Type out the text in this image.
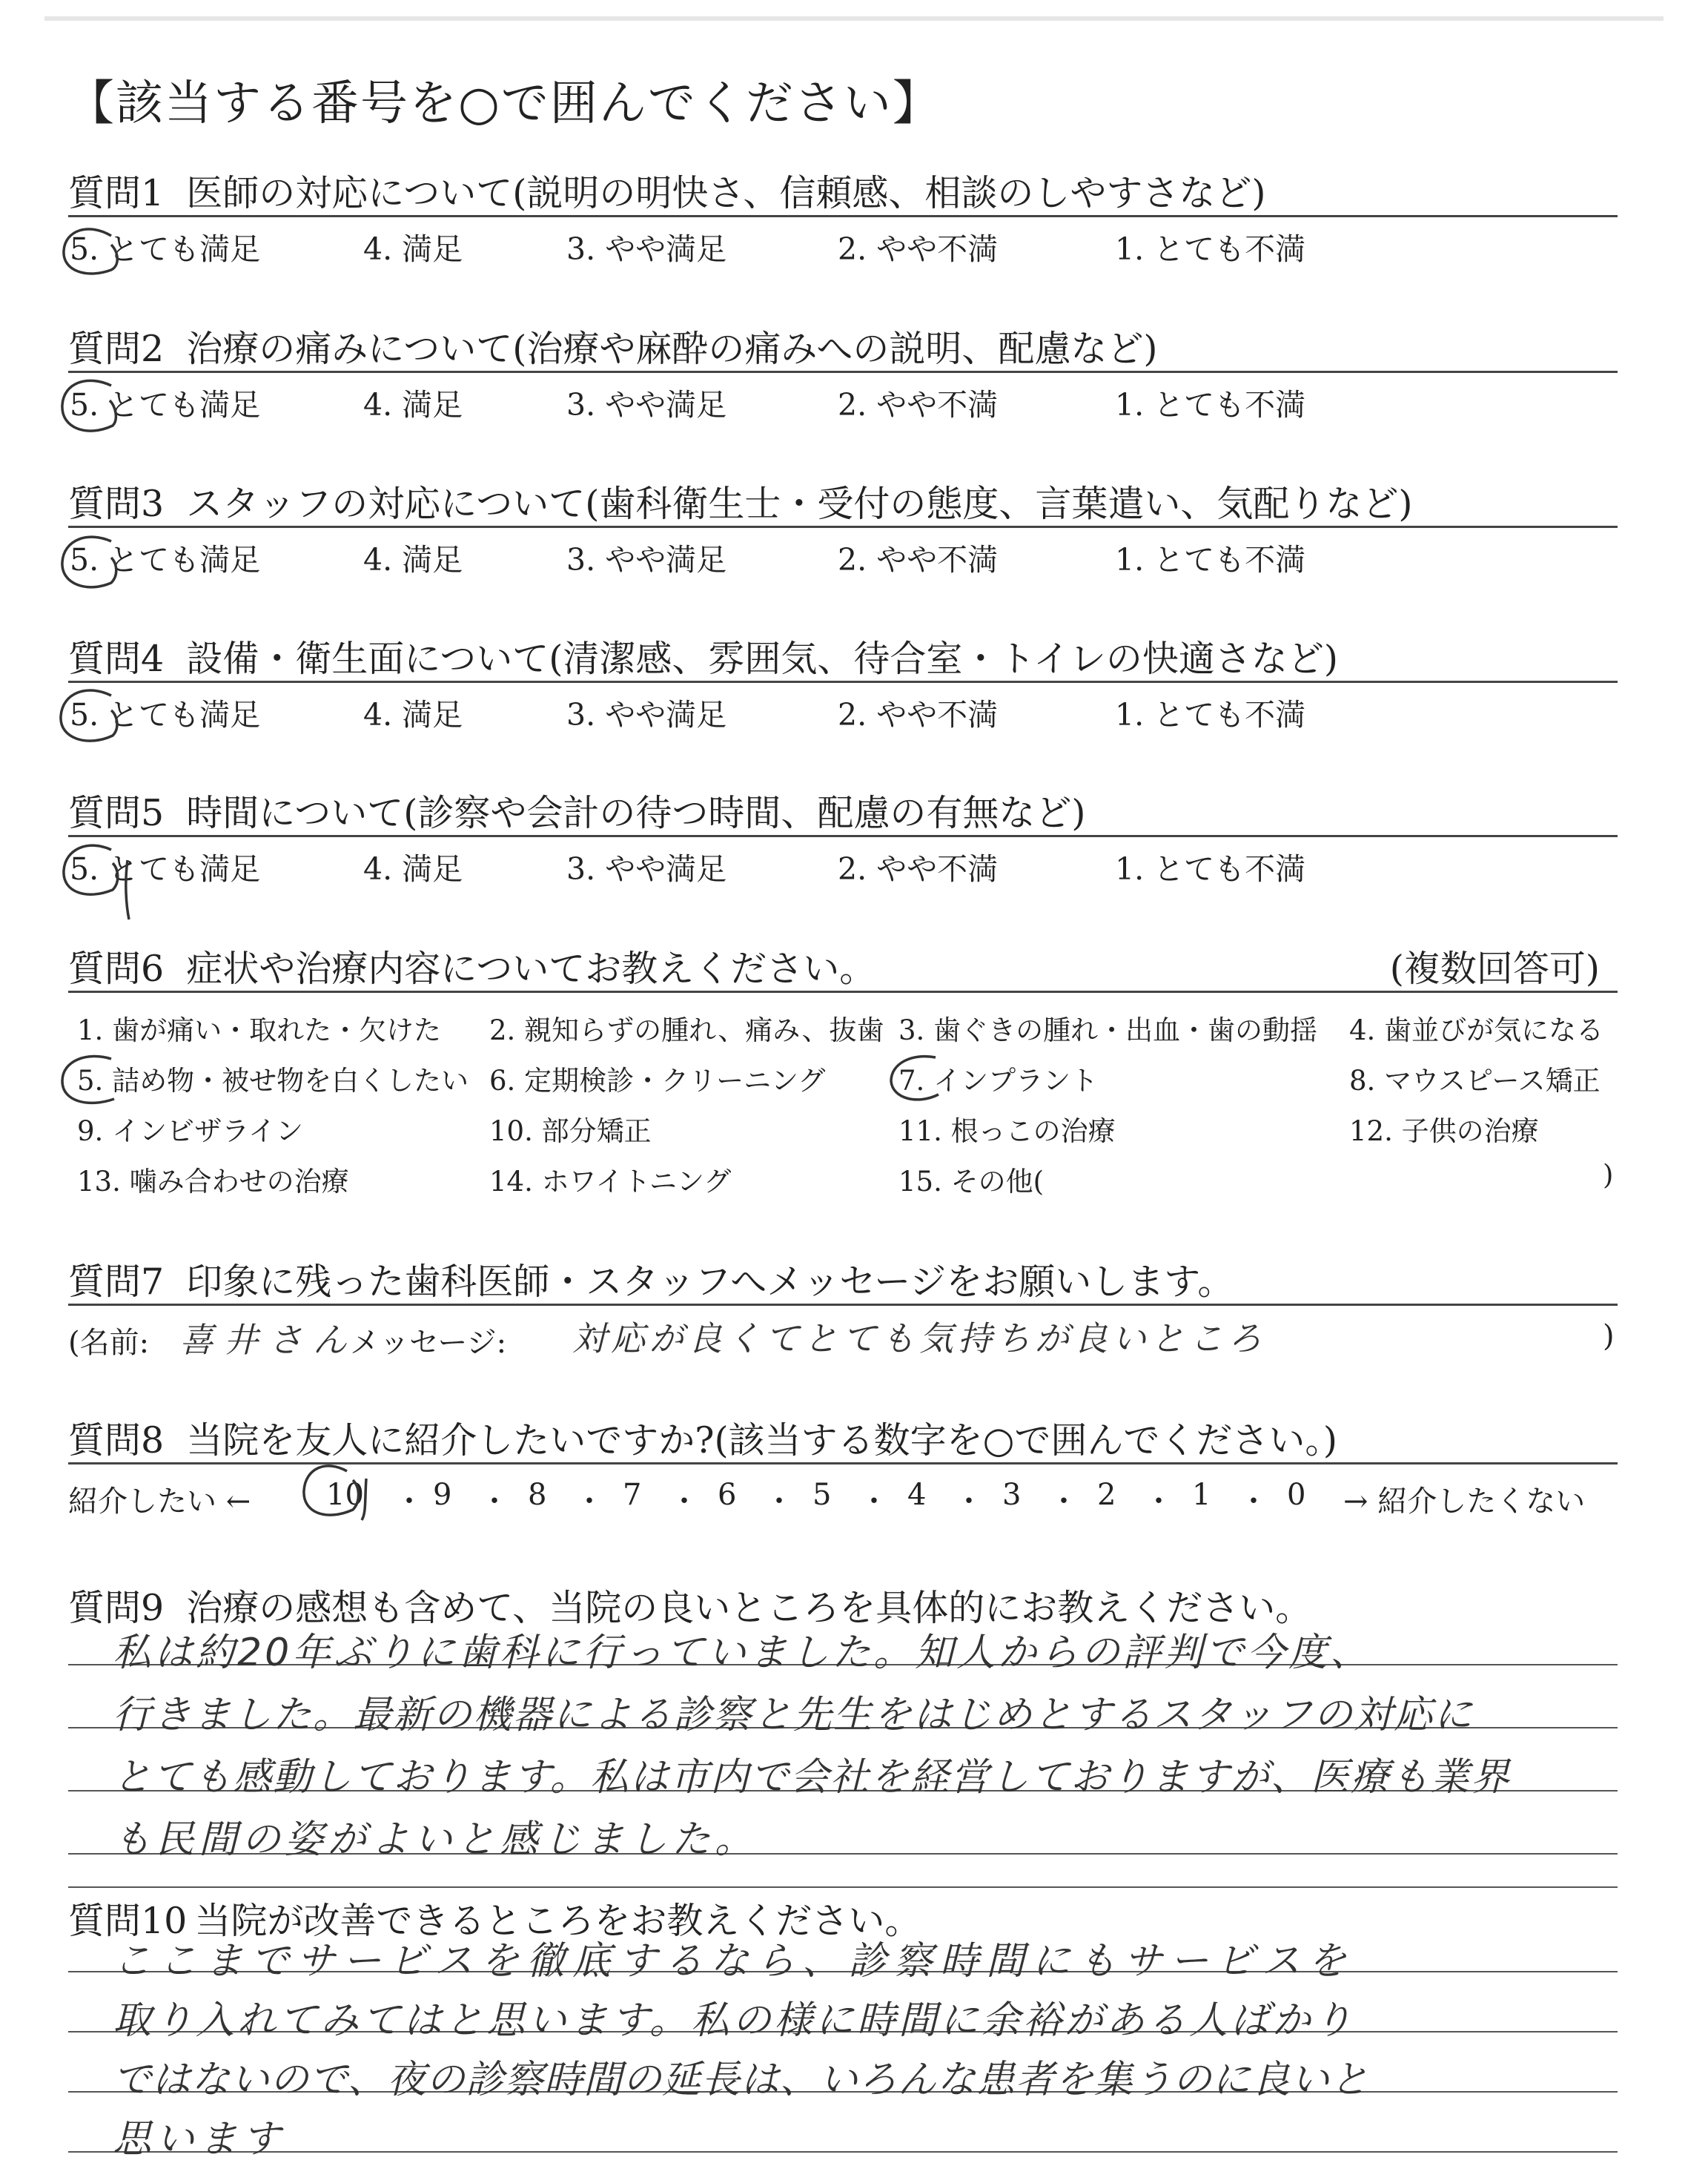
【該当する番号を○で囲んでください】
質問1 医師の対応について(説明の明快さ、信頼感、相談のしやすさなど)
5. とても満足	4. 満足	3. やや満足	2. やや不満	1. とても不満
質問2 治療の痛みについて(治療や麻酔の痛みへの説明、配慮など)
5. とても満足	4. 満足	3. やや満足	2. やや不満	1. とても不満
質問3 スタッフの対応について(歯科衛生士・受付の態度、言葉遣い、気配りなど)
5. とても満足	4. 満足	3. やや満足	2. やや不満	1. とても不満
質問4 設備・衛生面について(清潔感、雰囲気、待合室・トイレの快適さなど)
5. とても満足	4. 満足	3. やや満足	2. やや不満	1. とても不満
質問5 時間について(診察や会計の待つ時間、配慮の有無など)
5. とても満足	4. 満足	3. やや満足	2. やや不満	1. とても不満
質問6 症状や治療内容についてお教えください。	(複数回答可)
1. 歯が痛い・取れた・欠けた 2. 親知らずの腫れ、痛み、抜歯 3. 歯ぐきの腫れ・出血・歯の動揺 4. 歯並びが気になる
5. 詰め物・被せ物を白くしたい 6. 定期検診・クリーニング	7. インプラント	8. マウスピース矯正
9. インビザライン	10. 部分矯正	11. 根っこの治療	12. 子供の治療
13. 噛み合わせの治療	14. ホワイトニング	15. その他(	)
質問7 印象に残った歯科医師・スタッフへメッセージをお願いします。
(名前: 喜井さん
メッセージ: 対応が良くてとても気持ちが良いところ	)
質問8 当院を友人に紹介したいですか?(該当する数字を○で囲んでください。)
紹介したい ←	10 ・ 9 ・ 8 ・ 7 ・ 6 ・ 5 ・ 4 ・ 3 ・ 2 ・ 1 ・ 0 → 紹介したくない
質問9 治療の感想も含めて、当院の良いところを具体的にお教えください。
私は約20年ぶりに歯科に行っていました。知人からの評判で今度、
行きました。最新の機器による診察と先生をはじめとするスタッフの対応に
とても感動しております。私は市内で会社を経営しておりますが、医療も業界
も民間の姿がよいと感じました。
質問10 当院が改善できるところをお教えください。
ここまでサービスを徹底するなら、診察時間にもサービスを
取り入れてみてはと思います。私の様に時間に余裕がある人ばかり
ではないので、夜の診察時間の延長は、いろんな患者を集うのに良いと
思います
